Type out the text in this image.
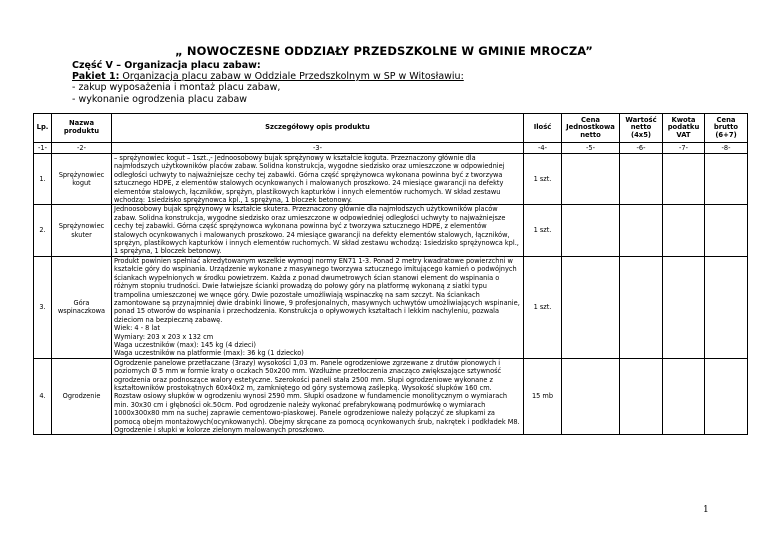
„ NOWOCZESNE ODDZIAŁY PRZEDSZKOLNE W GMINIE MROCZA”
Część V – Organizacja placu zabaw:
Pakiet 1: Organizacja placu zabaw w Oddziale Przedszkolnym w SP w Witosławiu:
- zakup wyposażenia i montaż placu zabaw,
- wykonanie ogrodzenia placu zabaw
Lp.	Nazwa produktu	Szczegółowy opis produktu	Ilość	Cena Jednostkowa netto	Wartość netto (4x5)	Kwota podatku VAT	Cena brutto (6+7)
-1-	-2-	-3-	-4-	-5-	-6-	-7-	-8-
1.	Sprężynowiec kogut	– sprężynowiec kogut – 1szt.,- Jednoosobowy bujak sprężynowy w kształcie koguta. Przeznaczony głównie dla najmłodszych użytkowników placów zabaw. Solidna konstrukcja, wygodne siedzisko oraz umieszczone w odpowiedniej odległości uchwyty to najważniejsze cechy tej zabawki. Górna część sprężynowca wykonana powinna być z tworzywa sztucznego HDPE, z elementów stalowych ocynkowanych i malowanych proszkowo. 24 miesiące gwarancji na defekty elementów stalowych, łączników, sprężyn, plastikowych kapturków i innych elementów ruchomych. W skład zestawu wchodzą: 1siedzisko sprężynowca kpl., 1 sprężyna, 1 bloczek betonowy.	1 szt.				
2.	Sprężynowiec skuter	Jednoosobowy bujak sprężynowy w kształcie skutera. Przeznaczony głównie dla najmłodszych użytkowników placów zabaw. Solidna konstrukcja, wygodne siedzisko oraz umieszczone w odpowiedniej odległości uchwyty to najważniejsze cechy tej zabawki. Górna część sprężynowca wykonana powinna być z tworzywa sztucznego HDPE, z elementów stalowych ocynkowanych i malowanych proszkowo. 24 miesiące gwarancji na defekty elementów stalowych, łączników, sprężyn, plastikowych kapturków i innych elementów ruchomych. W skład zestawu wchodzą: 1siedzisko sprężynowca kpl., 1 sprężyna, 1 bloczek betonowy.	1 szt.				
3.	Góra wspinaczkowa	Produkt powinien spełniać akredytowanym wszelkie wymogi normy EN71 1-3. Ponad 2 metry kwadratowe powierzchni w kształcie góry do wspinania. Urządzenie wykonane z masywnego tworzywa sztucznego imitującego kamień o podwójnych ściankach wypełnionych w środku powietrzem. Każda z ponad dwumetrowych ścian stanowi element do wspinania o różnym stopniu trudności. Dwie łatwiejsze ścianki prowadzą do połowy góry na platformę wykonaną z siatki typu trampolina umieszczonej we wnęce góry. Dwie pozostałe umożliwiają wspinaczkę na sam szczyt. Na ściankach zamontowane są przynajmniej dwie drabinki linowe, 9 profesjonalnych, masywnych uchwytów umożliwiających wspinanie, ponad 15 otworów do wspinania i przechodzenia. Konstrukcja o opływowych kształtach i lekkim nachyleniu, pozwala dzieciom na bezpieczną zabawę.
Wiek: 4 - 8 lat
Wymiary: 203 x 203 x 132 cm
Waga uczestników (max): 145 kg (4 dzieci)
Waga uczestników na platformie (max): 36 kg (1 dziecko)	1 szt.				
4.	Ogrodzenie	Ogrodzenie panelowe przetłaczane (3razy) wysokości 1,03 m. Panele ogrodzeniowe zgrzewane z drutów pionowych i poziomych Ø 5 mm w formie kraty o oczkach 50x200 mm. Wzdłużne przetłoczenia znacząco zwiększające sztywność ogrodzenia oraz podnoszące walory estetyczne. Szerokości paneli stała 2500 mm. Słupi ogrodzeniowe wykonane z kształtowników prostokątnych 60x40x2 m, zamkniętego od góry systemową zaślepką. Wysokość słupków 160 cm. Rozstaw osiowy słupków w ogrodzeniu wynosi 2590 mm. Słupki osadzone w fundamencie monolitycznym o wymiarach min. 30x30 cm i głębności ok.50cm. Pod ogrodzenie należy wykonać prefabrykowaną podmurówkę o wymiarach 1000x300x80 mm na suchej zaprawie cementowo-piaskowej. Panele ogrodzeniowe należy połączyć ze słupkami za pomocą obejm montażowych(ocynkowanych). Obejmy skręcane za pomocą ocynkowanych śrub, nakrętek i podkładek M8. Ogrodzenie i słupki w kolorze zielonym malowanych proszkowo.	15 mb				
1
